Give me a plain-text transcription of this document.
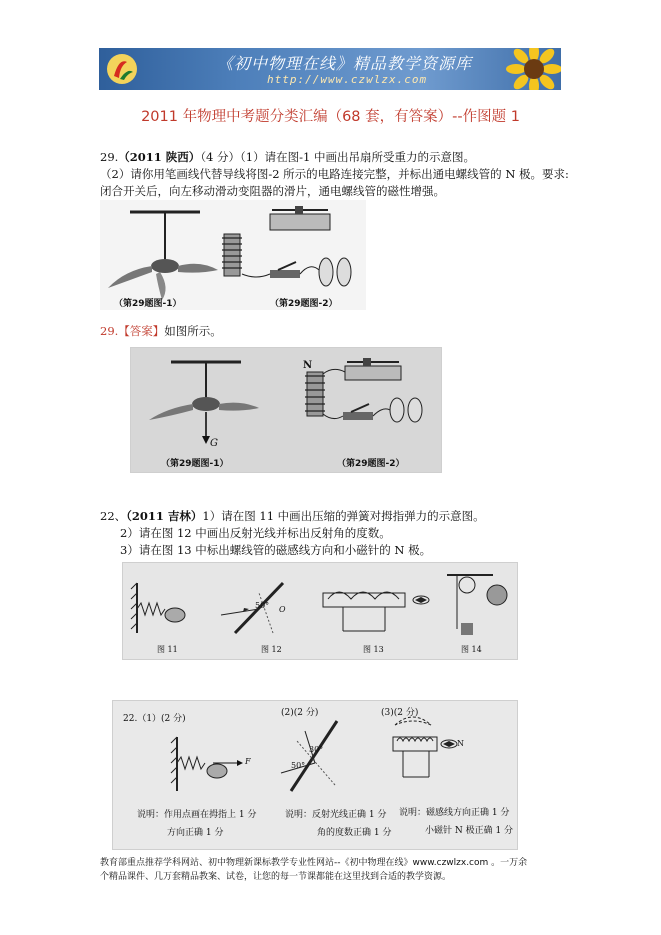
《初中物理在线》精品教学资源库
http://www.czwlzx.com
2011 年物理中考题分类汇编（68 套，有答案）--作图题 1
29.（2011 陕西）（4 分）（1）请在图-1 中画出吊扇所受重力的示意图。
（2）请你用笔画线代替导线将图-2 所示的电路连接完整，并标出通电螺线管的 N 极。要求:
闭合开关后，向左移动滑动变阻器的滑片，通电螺线管的磁性增强。
（第29题图-1）	（第29题图-2）
29.【答案】如图所示。
G
N
（第29题图-1）	（第29题图-2）
22、（2011 吉林）1）请在图 11 中画出压缩的弹簧对拇指弹力的示意图。
2）请在图 12 中画出反射光线并标出反射角的度数。
3）请在图 13 中标出螺线管的磁感线方向和小磁针的 N 极。
50° O
图 11	图 12	图 13	图 14
22.（1）(2 分)
(2)(2 分)	(3)(2 分)
F
N
30°
50°
说明：作用点画在拇指上 1 分
方向正确 1 分
说明：反射光线正确 1 分
角的度数正确 1 分
说明：磁感线方向正确 1 分
小磁针 N 极正确 1 分
教育部重点推荐学科网站、初中物理新课标教学专业性网站--《初中物理在线》www.czwlzx.com 。一万余
个精品课件、几万套精品教案、试卷，让您的每一节课都能在这里找到合适的教学资源。
